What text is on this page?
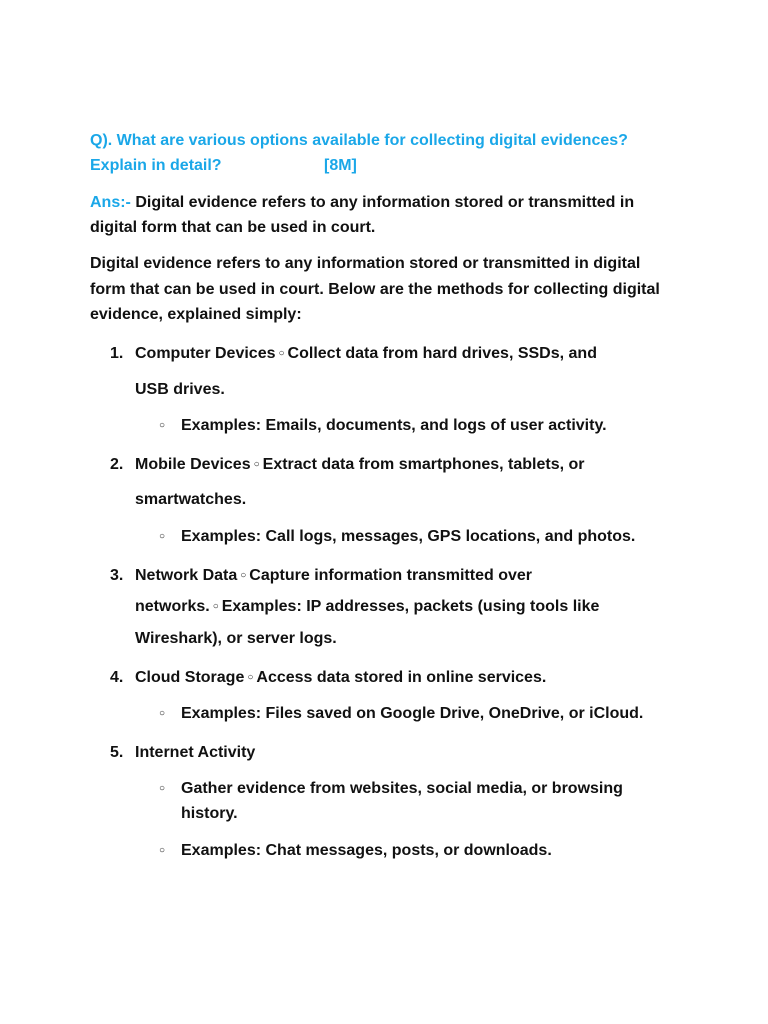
Q). What are various options available for collecting digital evidences?
Explain in detail?	[8M]
Ans:- Digital evidence refers to any information stored or transmitted in
digital form that can be used in court.
Digital evidence refers to any information stored or transmitted in digital
form that can be used in court. Below are the methods for collecting digital
evidence, explained simply:
1. Computer Devices ○ Collect data from hard drives, SSDs, and
USB drives.
○ Examples: Emails, documents, and logs of user activity.
2. Mobile Devices ○ Extract data from smartphones, tablets, or
smartwatches.
○ Examples: Call logs, messages, GPS locations, and photos.
3. Network Data ○ Capture information transmitted over
networks. ○ Examples: IP addresses, packets (using tools like
Wireshark), or server logs.
4. Cloud Storage ○ Access data stored in online services.
○ Examples: Files saved on Google Drive, OneDrive, or iCloud.
5. Internet Activity
○ Gather evidence from websites, social media, or browsing
history.
○ Examples: Chat messages, posts, or downloads.
